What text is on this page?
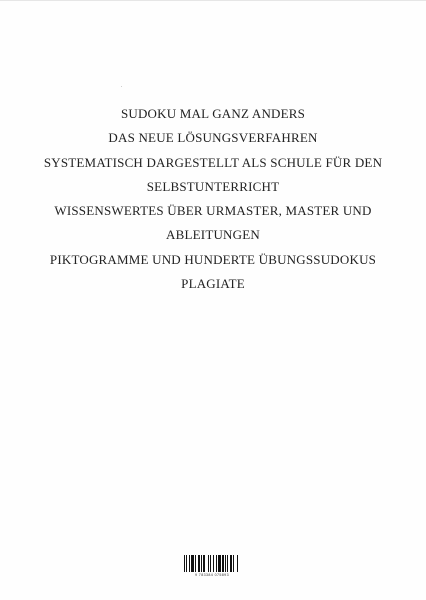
SUDOKU MAL GANZ ANDERS
DAS NEUE LÖSUNGSVERFAHREN
SYSTEMATISCH DARGESTELLT ALS SCHULE FÜR DEN
SELBSTUNTERRICHT
WISSENSWERTES ÜBER URMASTER, MASTER UND
ABLEITUNGEN
PIKTOGRAMME UND HUNDERTE ÜBUNGSSUDOKUS
PLAGIATE
9 783384 075893
